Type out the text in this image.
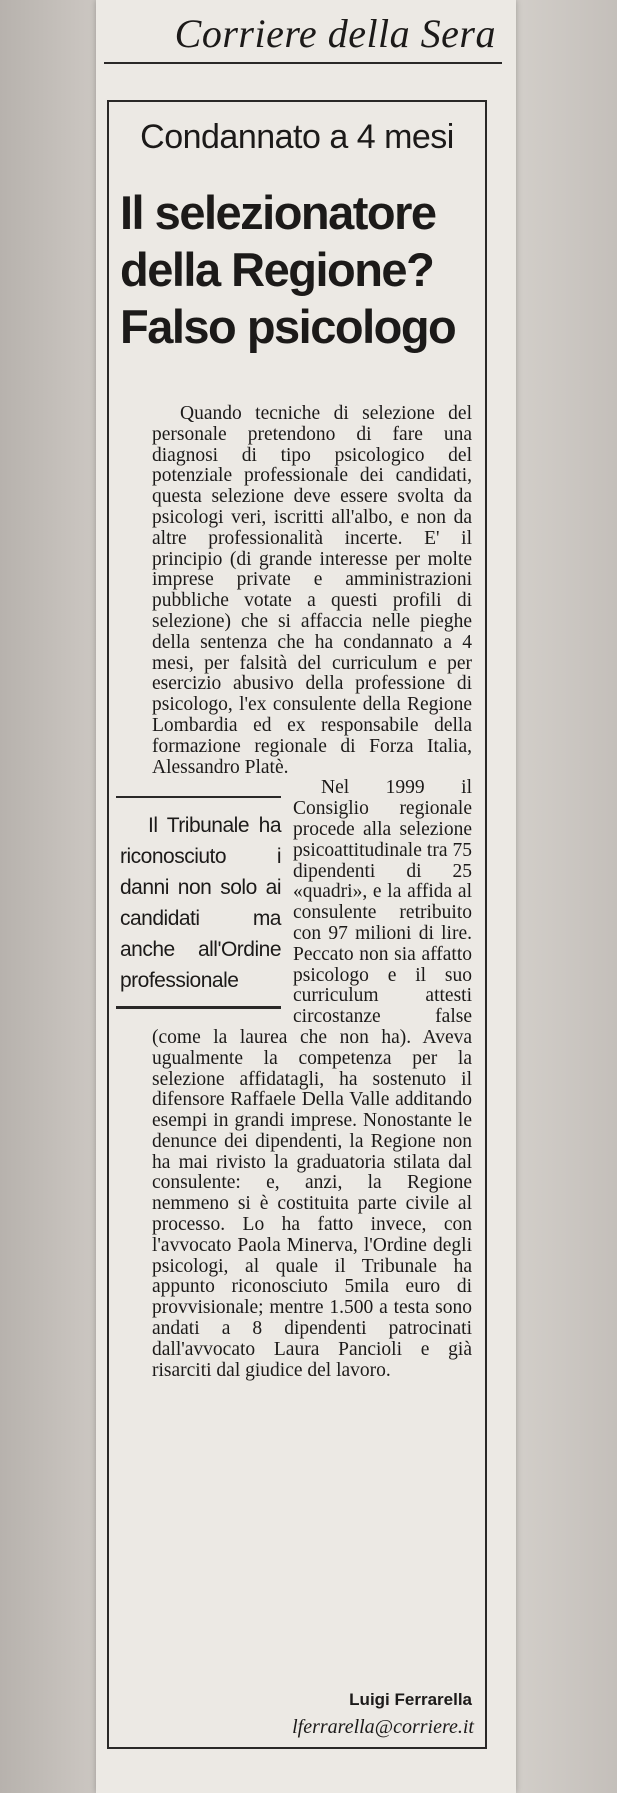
Corriere della Sera
Condannato a 4 mesi
Il selezionatore
della Regione?
Falso psicologo

Quando tecniche di selezione del personale pretendono di fare una diagnosi di tipo psicologico del potenziale professionale dei candidati, questa selezione deve essere svolta da psicologi veri, iscritti all'albo, e non da altre professionalità incerte. E' il principio (di grande interesse per molte imprese private e amministrazioni pubbliche votate a questi profili di selezione) che si affaccia nelle pieghe della sentenza che ha condannato a 4 mesi, per falsità del curriculum e per esercizio abusivo della professione di psicologo, l'ex consulente della Regione Lombardia ed ex responsabile della formazione regionale di Forza Italia, Alessandro Platè.

Il Tribunale ha riconosciuto i danni non solo ai candidati ma anche all'Ordine professionale
Nel 1999 il Consiglio regionale procede alla selezione psicoattitudinale tra 75 dipendenti di 25 «quadri», e la affida al consulente retribuito con 97 milioni di lire. Peccato non sia affatto psicologo e il suo curriculum attesti circostanze false (come la laurea che non ha). Aveva ugualmente la competenza per la selezione affidatagli, ha sostenuto il difensore Raffaele Della Valle additando esempi in grandi imprese. Nonostante le denunce dei dipendenti, la Regione non ha mai rivisto la graduatoria stilata dal consulente: e, anzi, la Regione nemmeno si è costituita parte civile al processo. Lo ha fatto invece, con l'avvocato Paola Minerva, l'Ordine degli psicologi, al quale il Tribunale ha appunto riconosciuto 5mila euro di provvisionale; mentre 1.500 a testa sono andati a 8 dipendenti patrocinati dall'avvocato Laura Pancioli e già risarciti dal giudice del lavoro.

Luigi Ferrarella
lferrarella@corriere.it
